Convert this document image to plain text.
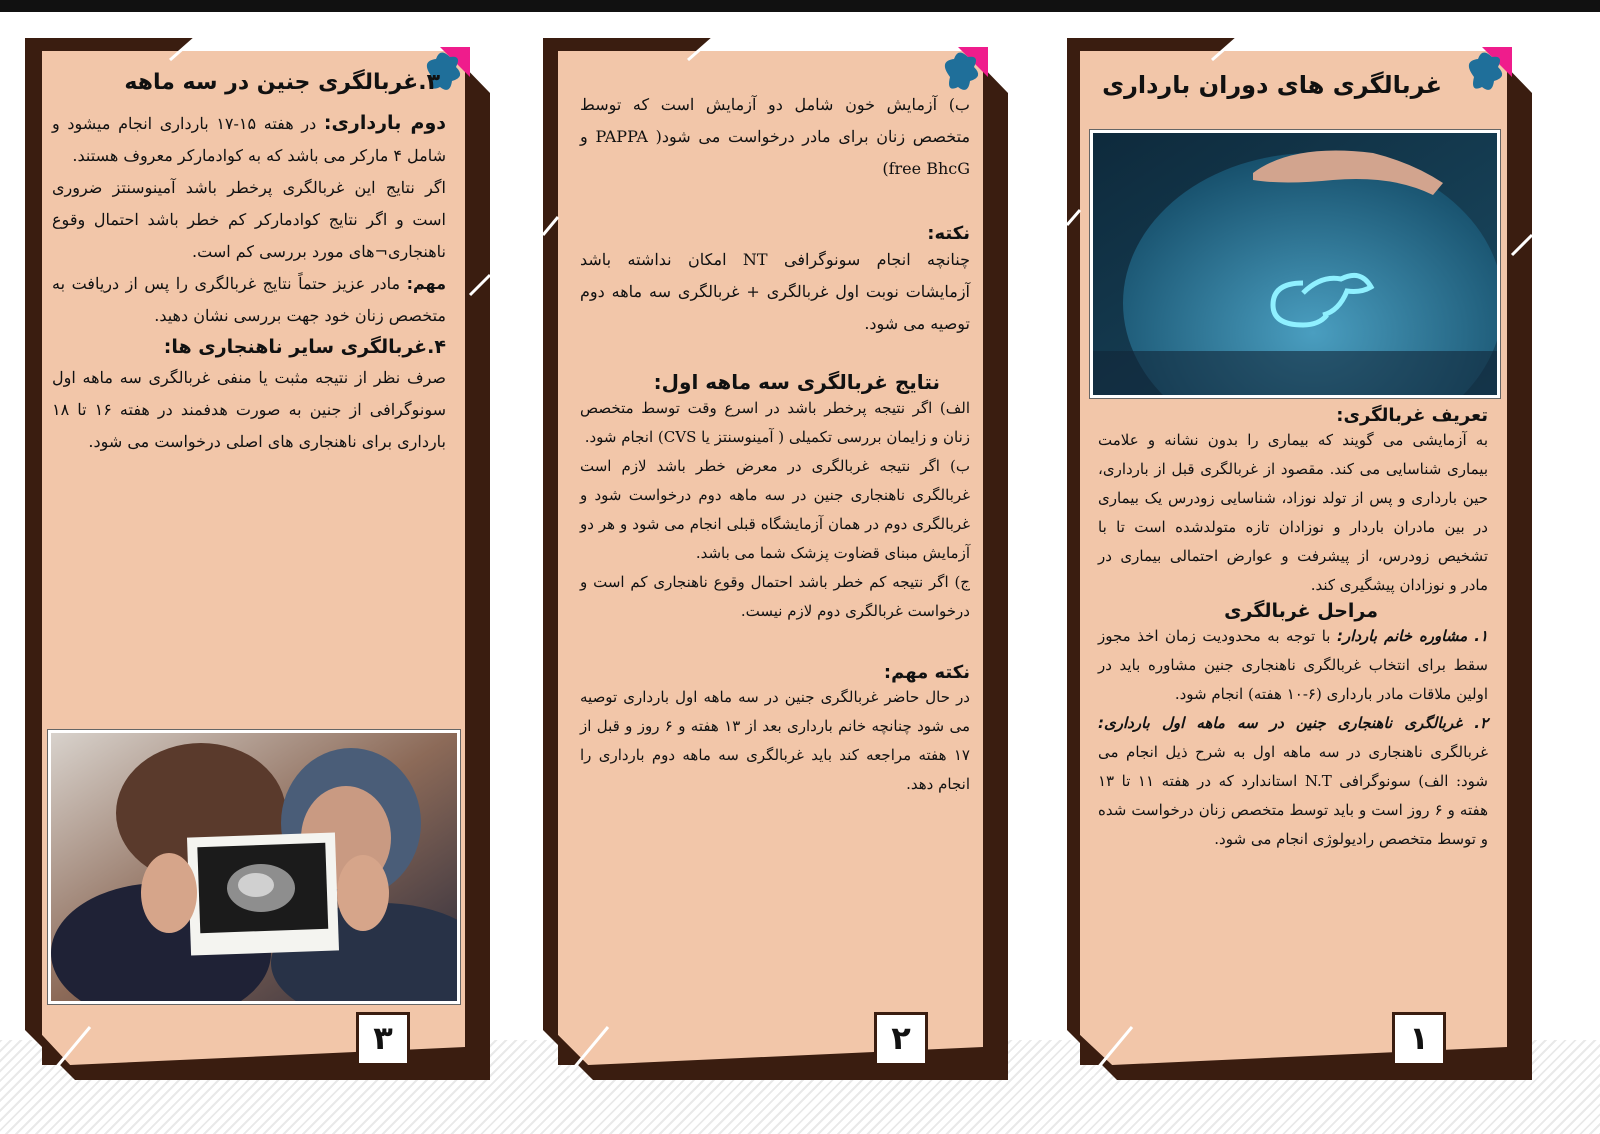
۳.غربالگری جنین در سه ماهه

دوم بارداری: در هفته ۱۵-۱۷ بارداری انجام میشود و شامل ۴ مارکر می باشد که به کوادمارکر معروف هستند.

اگر نتایج این غربالگری پرخطر باشد آمینوسنتز ضروری است و اگر نتایج کوادمارکر کم خطر باشد احتمال وقوع ناهنجاری¬های مورد بررسی کم است.

مهم: مادر عزیز حتماً نتایج غربالگری را پس از دریافت به متخصص زنان خود جهت بررسی نشان دهید.

۴.غربالگری سایر ناهنجاری ها:

صرف نظر از نتیجه مثبت یا منفی غربالگری سه ماهه اول سونوگرافی از جنین به صورت هدفمند در هفته ۱۶ تا ۱۸ بارداری برای ناهنجاری های اصلی درخواست می شود.

۳

ب) آزمایش خون شامل دو آزمایش است که توسط متخصص زنان برای مادر درخواست می شود( PAPPA و free BhcG)

نکته:

چنانچه انجام سونوگرافی NT امکان نداشته باشد آزمایشات نوبت اول غربالگری + غربالگری سه ماهه دوم توصیه می شود.

نتایج غربالگری سه ماهه اول:

الف) اگر نتیجه پرخطر باشد در اسرع وقت توسط متخصص زنان و زایمان بررسی تکمیلی ( آمینوسنتز یا CVS) انجام شود.

ب) اگر نتیجه غربالگری در معرض خطر باشد لازم است غربالگری ناهنجاری جنین در سه ماهه دوم درخواست شود و غربالگری دوم در همان آزمایشگاه قبلی انجام می شود و هر دو آزمایش مبنای قضاوت پزشک شما می باشد.

ج) اگر نتیجه کم خطر باشد احتمال وقوع ناهنجاری کم است و درخواست غربالگری دوم لازم نیست.

نکته مهم:

در حال حاضر غربالگری جنین در سه ماهه اول بارداری توصیه می شود چنانچه خانم بارداری بعد از ۱۳ هفته و ۶ روز و قبل از ۱۷ هفته مراجعه کند باید غربالگری سه ماهه دوم بارداری را انجام دهد.

۲
غربالگری های دوران بارداری

تعریف غربالگری:

به آزمایشی می گویند که بیماری را بدون نشانه و علامت بیماری شناسایی می کند. مقصود از غربالگری قبل از بارداری، حین بارداری و پس از تولد نوزاد، شناسایی زودرس یک بیماری در بین مادران باردار و نوزادان تازه متولدشده است تا با تشخیص زودرس، از پیشرفت و عوارض احتمالی بیماری در مادر و نوزادان پیشگیری کند.

مراحل غربالگری

۱. مشاوره خانم باردار: با توجه به محدودیت زمان اخذ مجوز سقط برای انتخاب غربالگری ناهنجاری جنین مشاوره باید در اولین ملاقات مادر بارداری (۶-۱۰ هفته) انجام شود.

۲. غربالگری ناهنجاری جنین در سه ماهه اول بارداری: غربالگری ناهنجاری در سه ماهه اول به شرح ذیل انجام می شود: الف) سونوگرافی N.T استاندارد که در هفته ۱۱ تا ۱۳ هفته و ۶ روز است و باید توسط متخصص زنان درخواست شده و توسط متخصص رادیولوژی انجام می شود.

۱
